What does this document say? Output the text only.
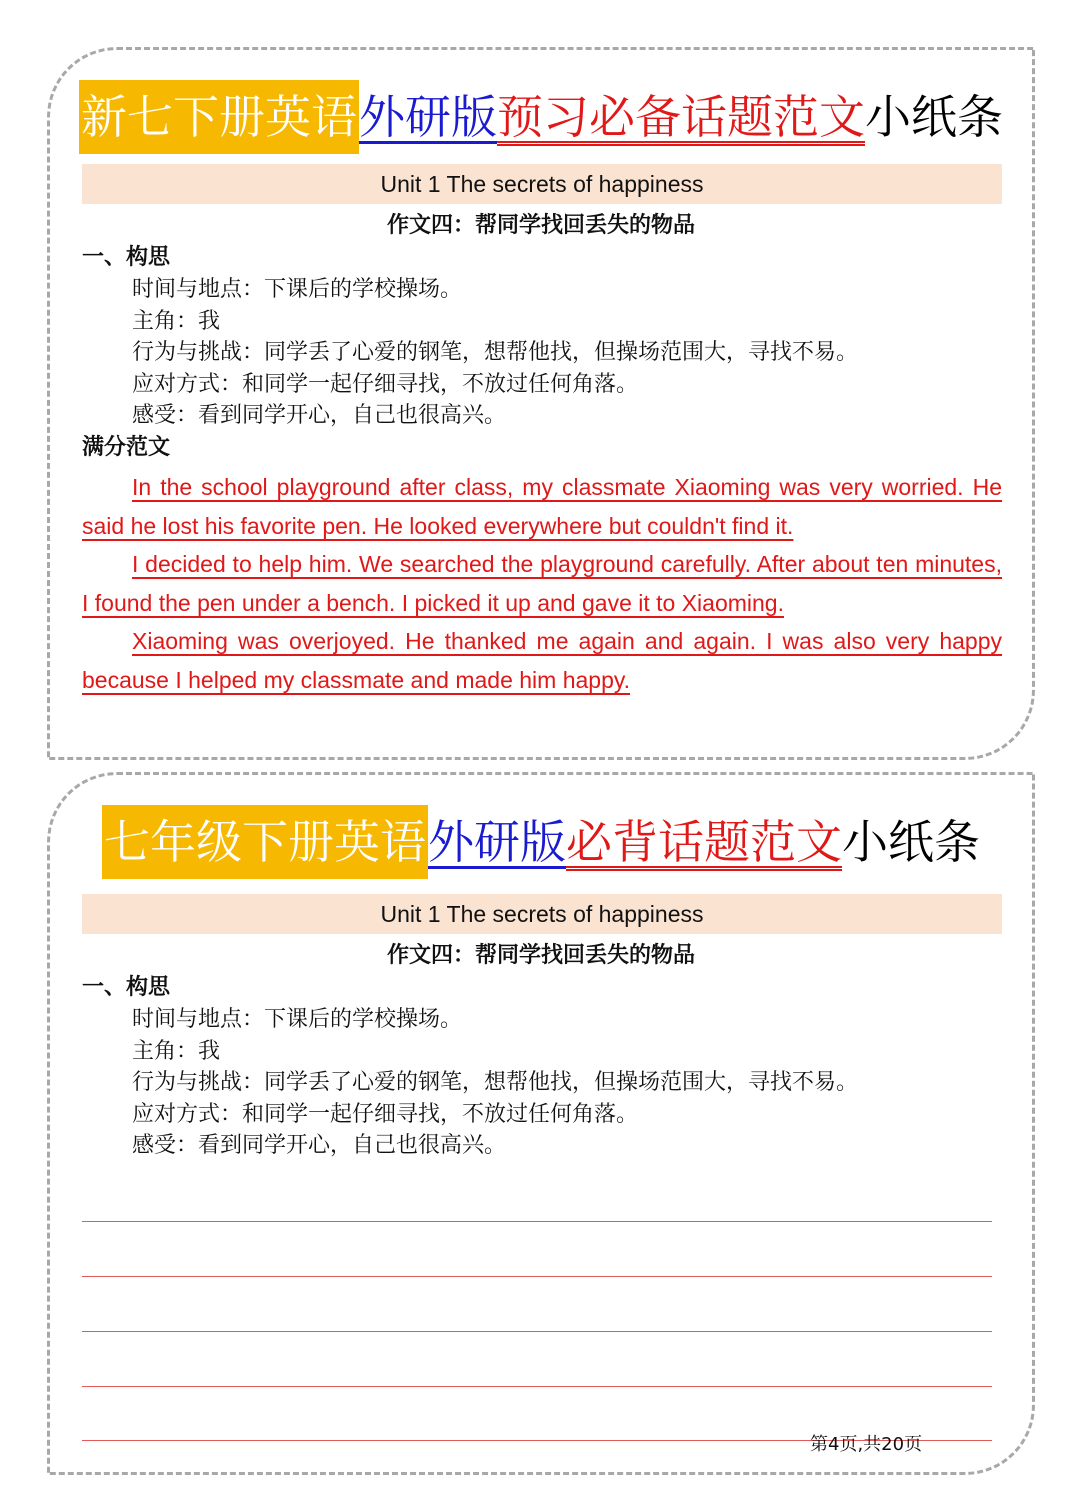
新七下册英语 外研版 预习必备话题范文 小纸条
Unit 1 The secrets of happiness
作文四：帮同学找回丢失的物品
一、构思
时间与地点：下课后的学校操场。
主角：我
行为与挑战：同学丢了心爱的钢笔，想帮他找，但操场范围大，寻找不易。
应对方式：和同学一起仔细寻找，不放过任何角落。
感受：看到同学开心，自己也很高兴。
满分范文

In the school playground after class, my classmate Xiaoming was very worried. He said he lost his favorite pen. He looked everywhere but couldn't find it.

I decided to help him. We searched the playground carefully. After about ten minutes, I found the pen under a bench. I picked it up and gave it to Xiaoming.

Xiaoming was overjoyed. He thanked me again and again. I was also very happy because I helped my classmate and made him happy.

七年级下册英语 外研版 必背话题范文 小纸条
Unit 1 The secrets of happiness
作文四：帮同学找回丢失的物品
一、构思
时间与地点：下课后的学校操场。
主角：我
行为与挑战：同学丢了心爱的钢笔，想帮他找，但操场范围大，寻找不易。
应对方式：和同学一起仔细寻找，不放过任何角落。
感受：看到同学开心，自己也很高兴。
第4页,共20页
